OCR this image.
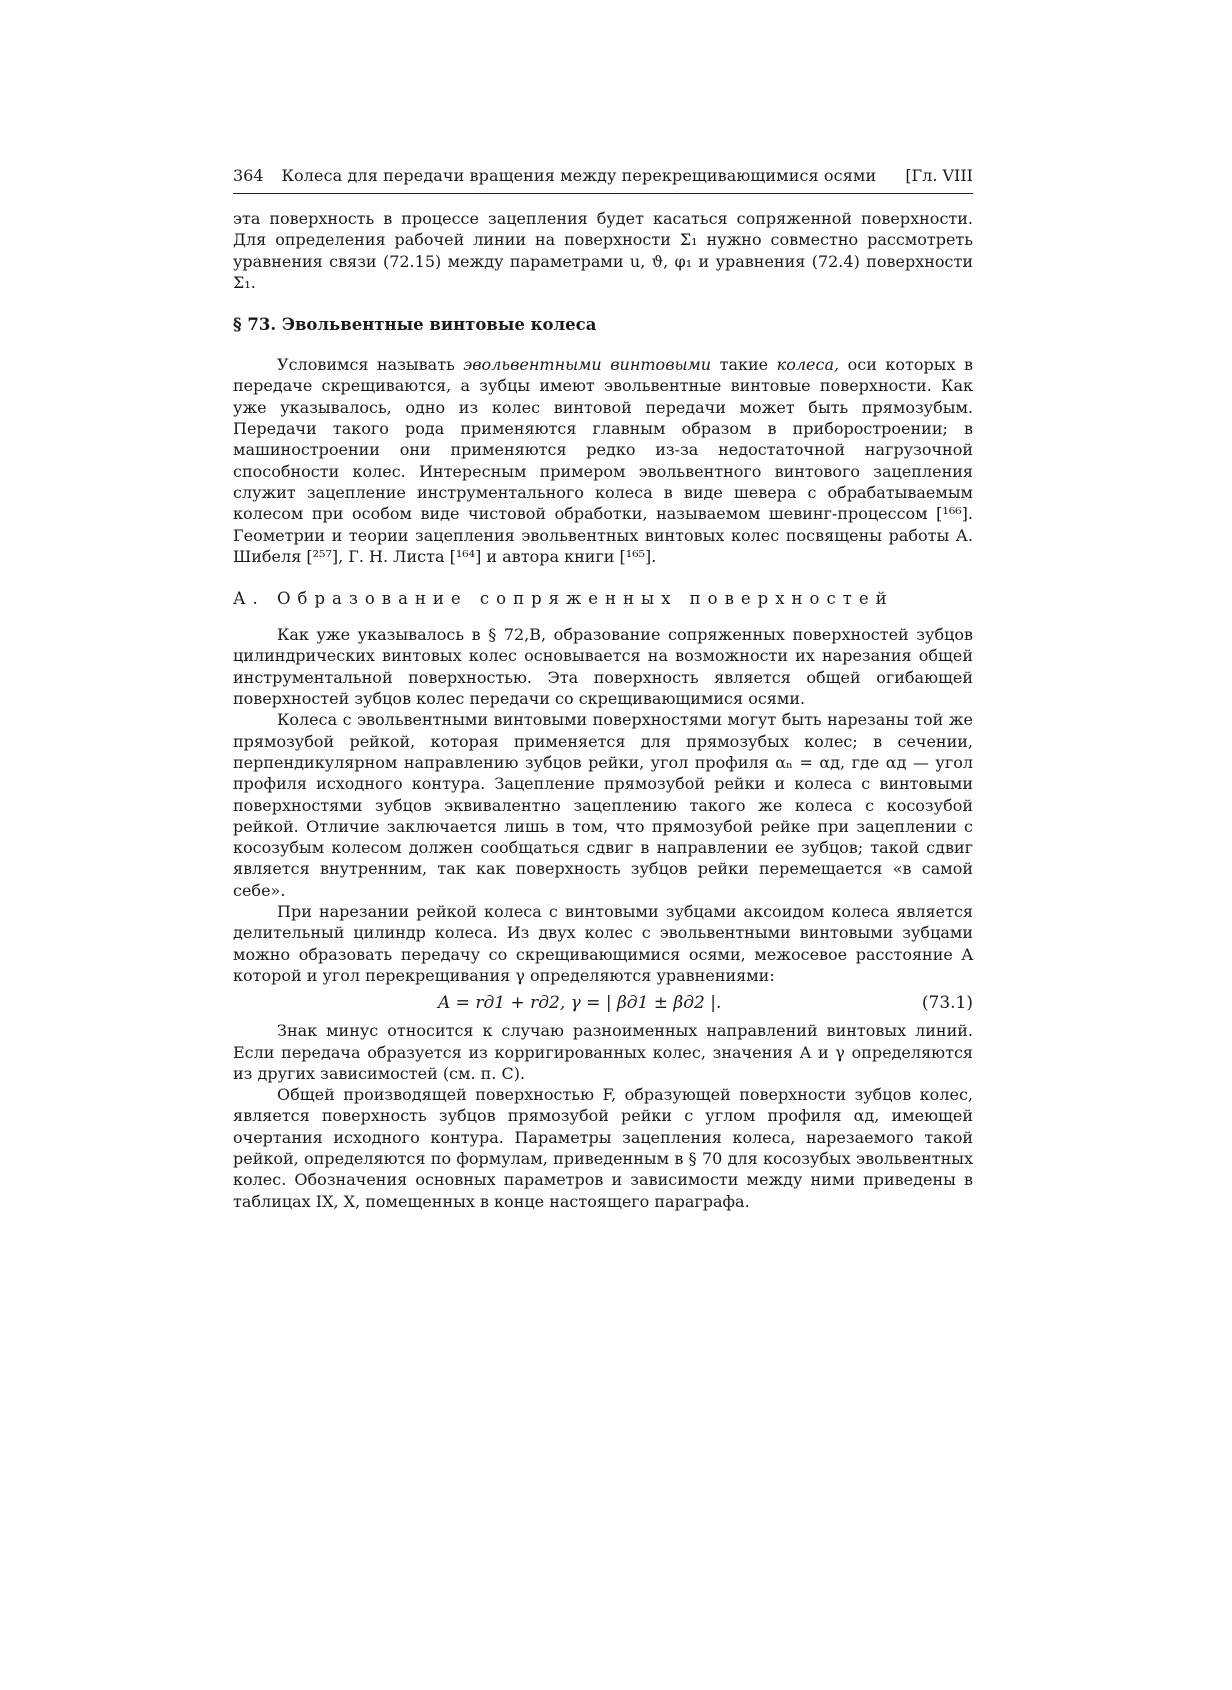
364 Колеса для передачи вращения между перекрещивающимися осями	[Гл. VIII

эта поверхность в процессе зацепления будет касаться сопряженной поверхности. Для определения рабочей линии на поверхности Σ₁ нужно совместно рассмотреть уравнения связи (72.15) между параметрами u, ϑ, φ₁ и уравнения (72.4) поверхности Σ₁.

§ 73. Эвольвентные винтовые колеса

Условимся называть эвольвентными винтовыми такие колеса, оси которых в передаче скрещиваются, а зубцы имеют эвольвентные винтовые поверхности. Как уже указывалось, одно из колес винтовой передачи может быть прямозубым. Передачи такого рода применяются главным образом в приборостроении; в машиностроении они применяются редко из-за недостаточной нагрузочной способности колес. Интересным примером эвольвентного винтового зацепления служит зацепление инструментального колеса в виде шевера с обрабатываемым колесом при особом виде чистовой обработки, называемом шевинг-процессом [¹⁶⁶]. Геометрии и теории зацепления эвольвентных винтовых колес посвящены работы А. Шибеля [²⁵⁷], Г. Н. Листа [¹⁶⁴] и автора книги [¹⁶⁵].

А. Образование сопряженных поверхностей

Как уже указывалось в § 72,В, образование сопряженных поверхностей зубцов цилиндрических винтовых колес основывается на возможности их нарезания общей инструментальной поверхностью. Эта поверхность является общей огибающей поверхностей зубцов колес передачи со скрещивающимися осями.

Колеса с эвольвентными винтовыми поверхностями могут быть нарезаны той же прямозубой рейкой, которая применяется для прямозубых колес; в сечении, перпендикулярном направлению зубцов рейки, угол профиля αₙ = αд, где αд — угол профиля исходного контура. Зацепление прямозубой рейки и колеса с винтовыми поверхностями зубцов эквивалентно зацеплению такого же колеса с косозубой рейкой. Отличие заключается лишь в том, что прямозубой рейке при зацеплении с косозубым колесом должен сообщаться сдвиг в направлении ее зубцов; такой сдвиг является внутренним, так как поверхность зубцов рейки перемещается «в самой себе».

При нарезании рейкой колеса с винтовыми зубцами аксоидом колеса является делительный цилиндр колеса. Из двух колес с эвольвентными винтовыми зубцами можно образовать передачу со скрещивающимися осями, межосевое расстояние A которой и угол перекрещивания γ определяются уравнениями:

A = rд1 + rд2, γ = | βд1 ± βд2 |.	(73.1)

Знак минус относится к случаю разноименных направлений винтовых линий. Если передача образуется из корригированных колес, значения A и γ определяются из других зависимостей (см. п. С).

Общей производящей поверхностью F, образующей поверхности зубцов колес, является поверхность зубцов прямозубой рейки с углом профиля αд, имеющей очертания исходного контура. Параметры зацепления колеса, нарезаемого такой рейкой, определяются по формулам, приведенным в § 70 для косозубых эвольвентных колес. Обозначения основных параметров и зависимости между ними приведены в таблицах IX, X, помещенных в конце настоящего параграфа.
